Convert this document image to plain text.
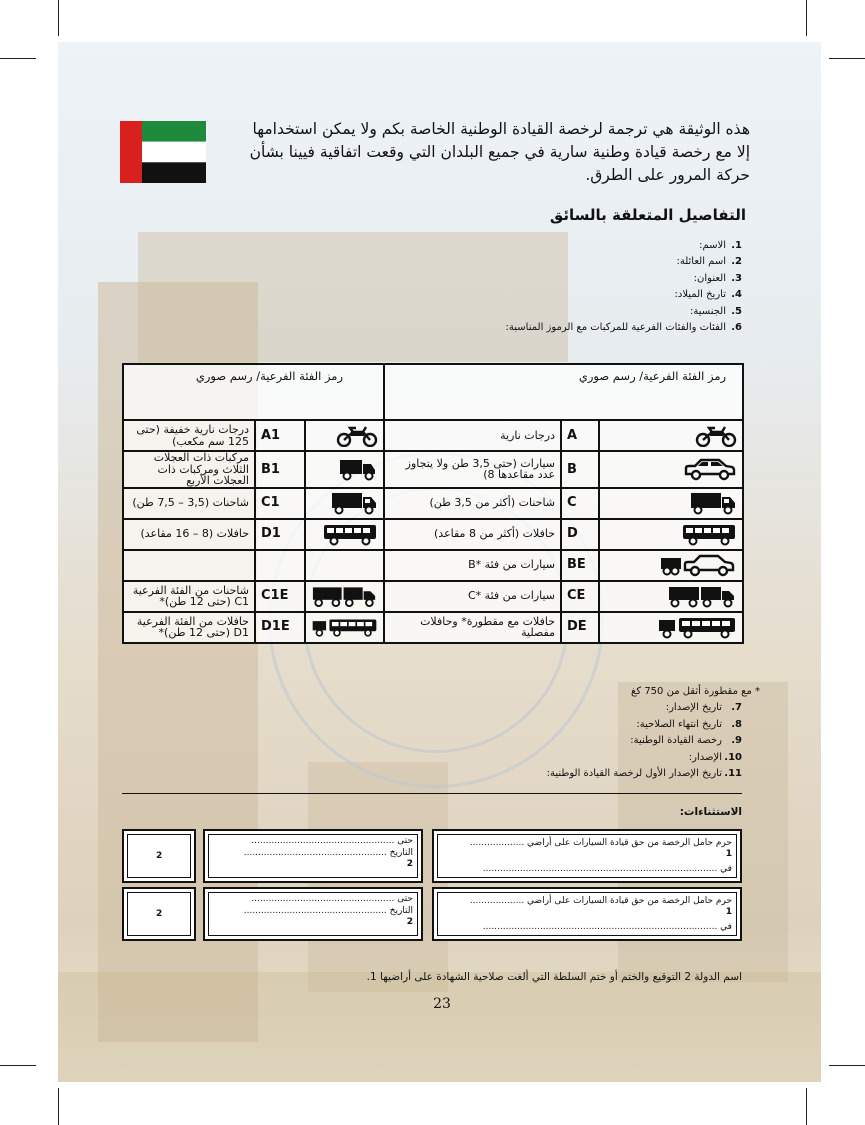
هذه الوثيقة هي ترجمة لرخصة القيادة الوطنية الخاصة بكم ولا يمكن استخدامها إلا مع رخصة قيادة وطنية سارية في جميع البلدان التي وقعت اتفاقية فيينا بشأن حركة المرور على الطرق.
التفاصيل المتعلقة بالسائق
1.
الاسم:
2.
اسم العائلة:
3.
العنوان:
4.
تاريخ الميلاد:
5.
الجنسية:
6.
الفئات والفئات الفرعية للمركبات مع الرموز المناسبة:
رمز الفئة الفرعية/ رسم صوري			رمز الفئة الفرعية/ رسم صوري		
درجات نارية خفيفة (حتى 125 سم مكعب)	A1		درجات نارية	A	

مركبات ذات العجلات الثلاث ومركبات ذات العجلات الأربع	B1		سيارات (حتى 3,5 طن ولا يتجاوز عدد مقاعدها 8)	B	

شاحنات (3,5 – 7,5 طن)	C1		شاحنات (أكثر من 3,5 طن)	C	

حافلات (8 – 16 مقاعد)	D1		حافلات (أكثر من 8 مقاعد)	D	

			سيارات من فئة *B	BE	

شاحنات من الفئة الفرعية C1 (حتى 12 طن)*	C1E		سيارات من فئة *C	CE	

حافلات من الفئة الفرعية D1 (حتى 12 طن)*	D1E		حافلات مع مقطورة* وحافلات مفصلية	DE	
* مع مقطورة أثقل من 750 كغ
7.
تاريخ الإصدار:
8.
تاريخ انتهاء الصلاحية:
9.
رخصة القيادة الوطنية:
10.
الإصدار:
11.
تاريخ الإصدار الأول لرخصة القيادة الوطنية:
الاستثناءات:
حرم حامل الرخصة من حق قيادة السيارات على أراضي ...................
1
في ..................................................................................
حتى ..................................................
التاريخ ..................................................
2
2
حرم حامل الرخصة من حق قيادة السيارات على أراضي ...................
1
في ..................................................................................
حتى ..................................................
التاريخ ..................................................
2
2
اسم الدولة 2 التوقيع والختم أو ختم السلطة التي ألغت صلاحية الشهادة على أراضيها 1.
23
